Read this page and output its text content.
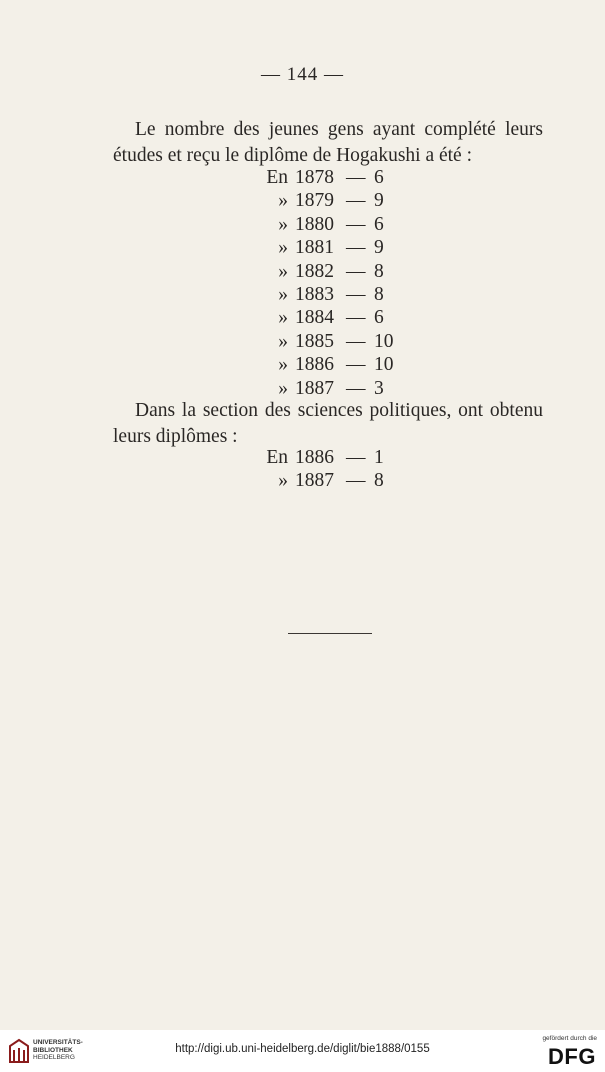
— 144 —
Le nombre des jeunes gens ayant complété leurs
études et reçu le diplôme de Hogakushi a été :
En 1878 — 6
» 1879 — 9
» 1880 — 6
» 1881 — 9
» 1882 — 8
» 1883 — 8
» 1884 — 6
» 1885 — 10
» 1886 — 10
» 1887 — 3
Dans la section des sciences politiques, ont obtenu
leurs diplômes :
En 1886 — 1
» 1887 — 8
UNIVERSITÄTS-
BIBLIOTHEK
HEIDELBERG
http://digi.ub.uni-heidelberg.de/diglit/bie1888/0155
gefördert durch die
DFG
